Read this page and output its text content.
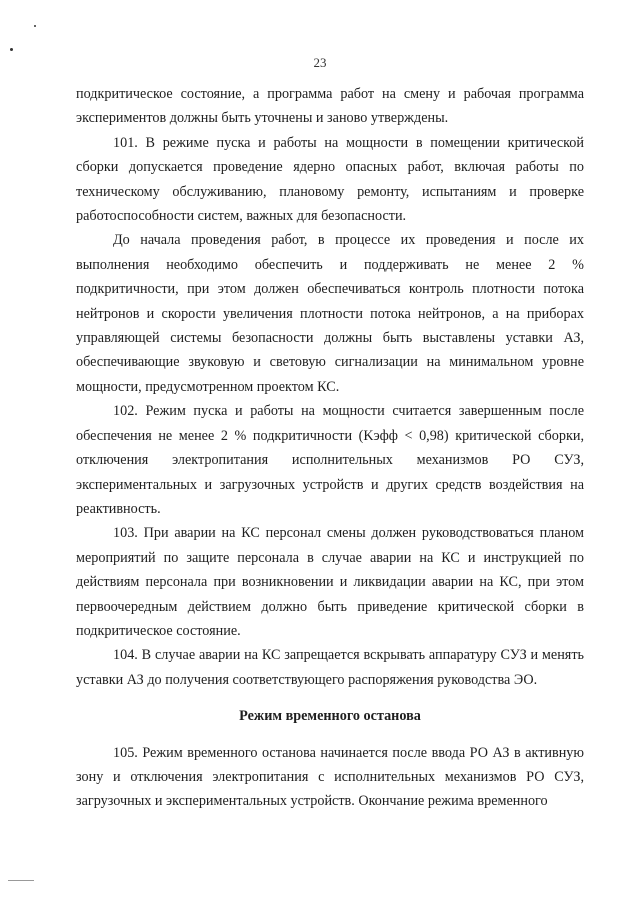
23

подкритическое состояние, а программа работ на смену и рабочая программа экспериментов должны быть уточнены и заново утверждены.

101. В режиме пуска и работы на мощности в помещении критической сборки допускается проведение ядерно опасных работ, включая работы по техническому обслуживанию, плановому ремонту, испытаниям и проверке работоспособности систем, важных для безопасности.

До начала проведения работ, в процессе их проведения и после их выполнения необходимо обеспечить и поддерживать не менее 2 % подкритичности, при этом должен обеспечиваться контроль плотности потока нейтронов и скорости увеличения плотности потока нейтронов, а на приборах управляющей системы безопасности должны быть выставлены уставки АЗ, обеспечивающие звуковую и световую сигнализации на минимальном уровне мощности, предусмотренном проектом КС.

102. Режим пуска и работы на мощности считается завершенным после обеспечения не менее 2 % подкритичности (Kэфф < 0,98) критической сборки, отключения электропитания исполнительных механизмов РО СУЗ, экспериментальных и загрузочных устройств и других средств воздействия на реактивность.

103. При аварии на КС персонал смены должен руководствоваться планом мероприятий по защите персонала в случае аварии на КС и инструкцией по действиям персонала при возникновении и ликвидации аварии на КС, при этом первоочередным действием должно быть приведение критической сборки в подкритическое состояние.

104. В случае аварии на КС запрещается вскрывать аппаратуру СУЗ и менять уставки АЗ до получения соответствующего распоряжения руководства ЭО.

Режим временного останова

105. Режим временного останова начинается после ввода РО АЗ в активную зону и отключения электропитания с исполнительных механизмов РО СУЗ, загрузочных и экспериментальных устройств. Окончание режима временного
